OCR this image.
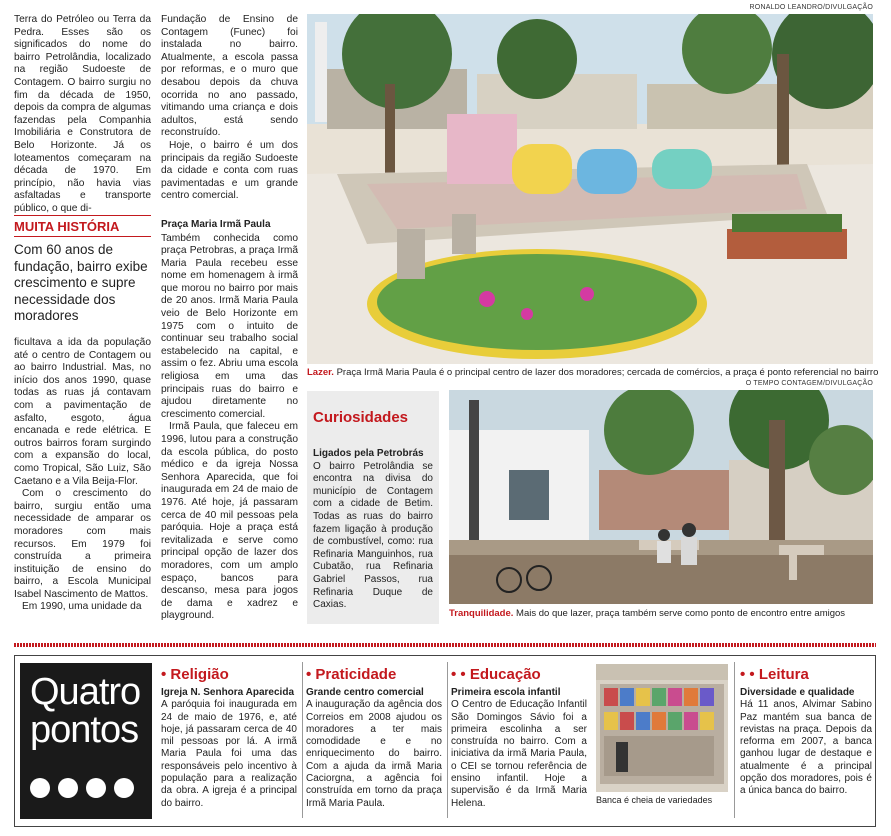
Terra do Petróleo ou Terra da Pedra. Esses são os significados do nome do bairro Petrolândia, localizado na região Sudoeste de Contagem. O bairro surgiu no fim da década de 1950, depois da compra de algumas fazendas pela Companhia Imobiliária e Construtora de Belo Horizonte. Já os loteamentos começaram na década de 1970. Em princípio, não havia vias asfaltadas e transporte público, o que di-

MUITA HISTÓRIA
Com 60 anos de fundação, bairro exibe crescimento e supre necessidade dos moradores

ficultava a ida da população até o centro de Contagem ou ao bairro Industrial. Mas, no início dos anos 1990, quase todas as ruas já contavam com a pavimentação de asfalto, esgoto, água encanada e rede elétrica. E outros bairros foram surgindo com a expansão do local, como Tropical, São Luiz, São Caetano e a Vila Beija-Flor.

Com o crescimento do bairro, surgiu então uma necessidade de amparar os moradores com mais recursos. Em 1979 foi construída a primeira instituição de ensino do bairro, a Escola Municipal Isabel Nascimento de Mattos.

Em 1990, uma unidade da

Fundação de Ensino de Contagem (Funec) foi instalada no bairro. Atualmente, a escola passa por reformas, e o muro que desabou depois da chuva ocorrida no ano passado, vitimando uma criança e dois adultos, está sendo reconstruído.

Hoje, o bairro é um dos principais da região Sudoeste da cidade e conta com ruas pavimentadas e um grande centro comercial.

Praça Maria Irmã Paula

Também conhecida como praça Petrobras, a praça Irmã Maria Paula recebeu esse nome em homenagem à irmã que morou no bairro por mais de 20 anos. Irmã Maria Paula veio de Belo Horizonte em 1975 com o intuito de continuar seu trabalho social estabelecido na capital, e assim o fez. Abriu uma escola religiosa em uma das principais ruas do bairro e ajudou diretamente no crescimento comercial.

Irmã Paula, que faleceu em 1996, lutou para a construção da escola pública, do posto médico e da igreja Nossa Senhora Aparecida, que foi inaugurada em 24 de maio de 1976. Até hoje, já passaram cerca de 40 mil pessoas pela paróquia. Hoje a praça está revitalizada e serve como principal opção de lazer dos moradores, com um amplo espaço, bancos para descanso, mesa para jogos de dama e xadrez e playground.

RONALDO LEANDRO/DIVULGAÇÃO
Lazer. Praça Irmã Maria Paula é o principal centro de lazer dos moradores; cercada de comércios, a praça é ponto referencial no bairro
O TEMPO CONTAGEM/DIVULGAÇÃO
Curiosidades
Ligados pela Petrobrás
O bairro Petrolândia se encontra na divisa do município de Contagem com a cidade de Betim. Todas as ruas do bairro fazem ligação à produção de combustível, como: rua Refinaria Manguinhos, rua Cubatão, rua Refinaria Gabriel Passos, rua Refinaria Duque de Caxias.
Tranquilidade. Mais do que lazer, praça também serve como ponto de encontro entre amigos
Quatro
pontos
• Religião
Igreja N. Senhora Aparecida
A paróquia foi inaugurada em 24 de maio de 1976, e, até hoje, já passaram cerca de 40 mil pessoas por lá. A irmã Maria Paula foi uma das responsáveis pelo incentivo à população para a realização da obra. A igreja é a principal do bairro.
• Praticidade
Grande centro comercial
A inauguração da agência dos Correios em 2008 ajudou os moradores a ter mais comodidade e e no enriquecimento do bairro. Com a ajuda da irmã Maria Caciorgna, a agência foi construída em torno da praça Irmã Maria Paula.
• • Educação
Primeira escola infantil
O Centro de Educação Infantil São Domingos Sávio foi a primeira escolinha a ser construída no bairro. Com a iniciativa da irmã Maria Paula, o CEI se tornou referência de ensino infantil. Hoje a supervisão é da Irmã Maria Helena.	Banca é cheia de variedades
• • Leitura
Diversidade e qualidade
Há 11 anos, Alvimar Sabino Paz mantém sua banca de revistas na praça. Depois da reforma em 2007, a banca ganhou lugar de destaque e atualmente é a principal opção dos moradores, pois é a única banca do bairro.
